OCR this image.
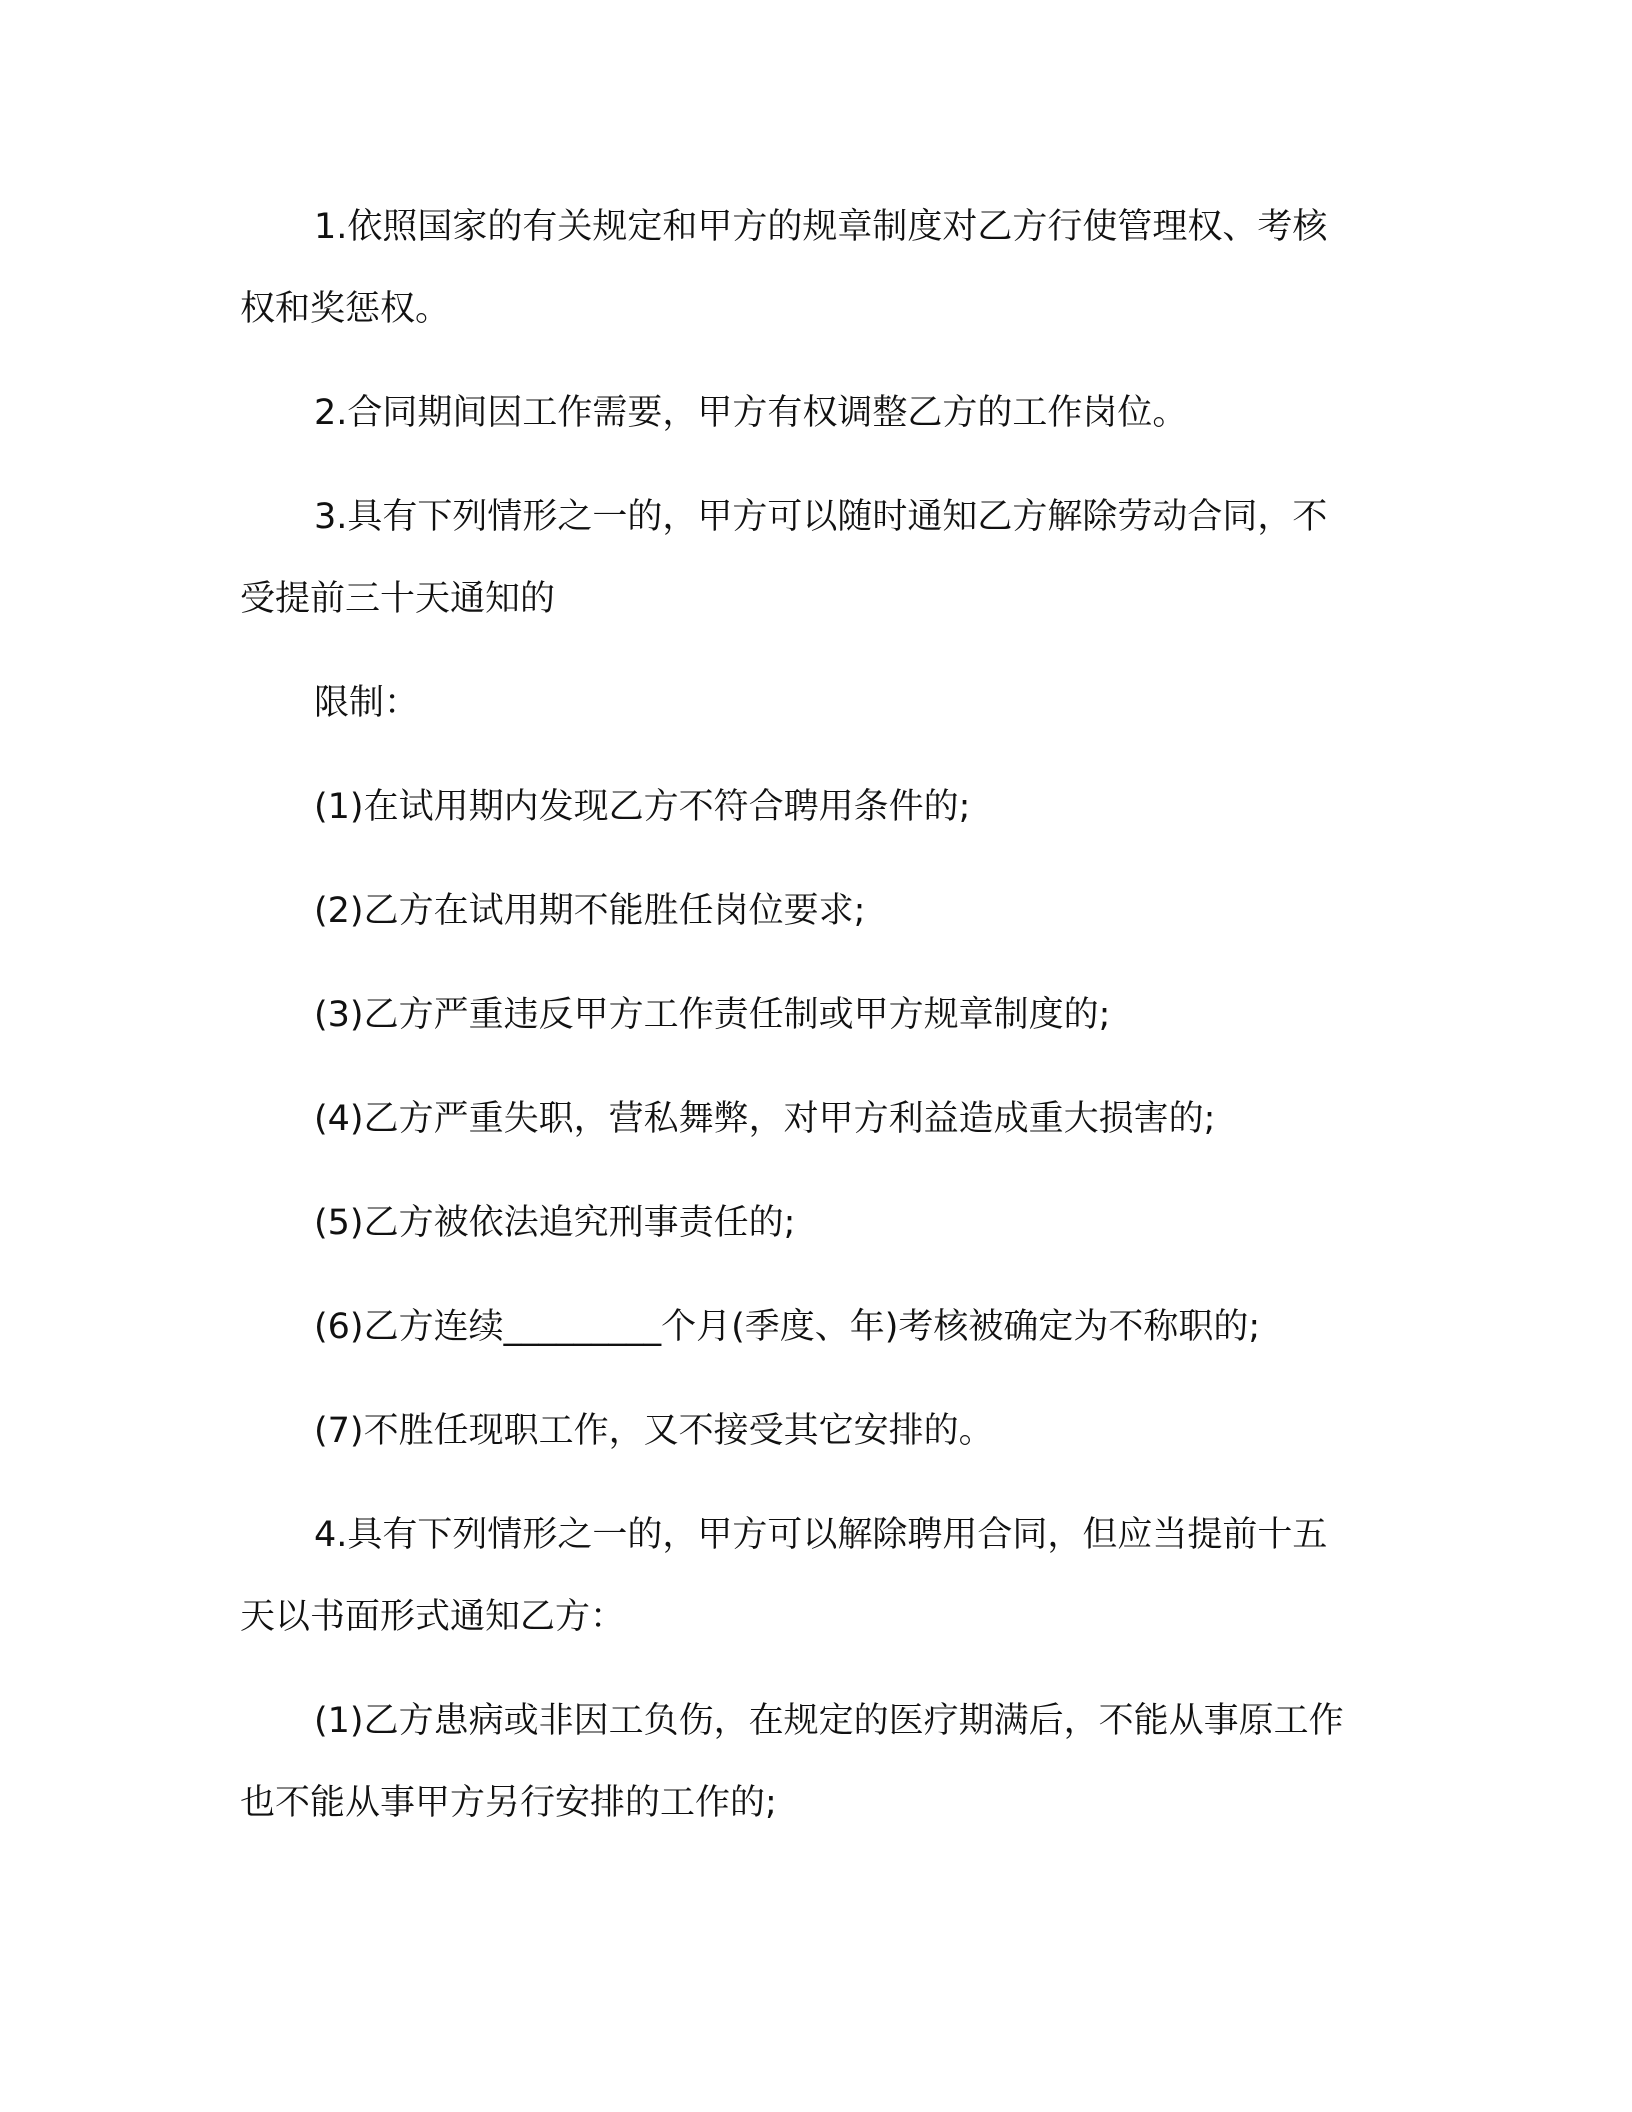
1.依照国家的有关规定和甲方的规章制度对乙方行使管理权、考核权和奖惩权。

2.合同期间因工作需要，甲方有权调整乙方的工作岗位。

3.具有下列情形之一的，甲方可以随时通知乙方解除劳动合同，不受提前三十天通知的

限制：

(1)在试用期内发现乙方不符合聘用条件的;

(2)乙方在试用期不能胜任岗位要求;

(3)乙方严重违反甲方工作责任制或甲方规章制度的;

(4)乙方严重失职，营私舞弊，对甲方利益造成重大损害的;

(5)乙方被依法追究刑事责任的;

(6)乙方连续_________个月(季度、年)考核被确定为不称职的;

(7)不胜任现职工作，又不接受其它安排的。

4.具有下列情形之一的，甲方可以解除聘用合同，但应当提前十五天以书面形式通知乙方：

(1)乙方患病或非因工负伤，在规定的医疗期满后，不能从事原工作也不能从事甲方另行安排的工作的;
